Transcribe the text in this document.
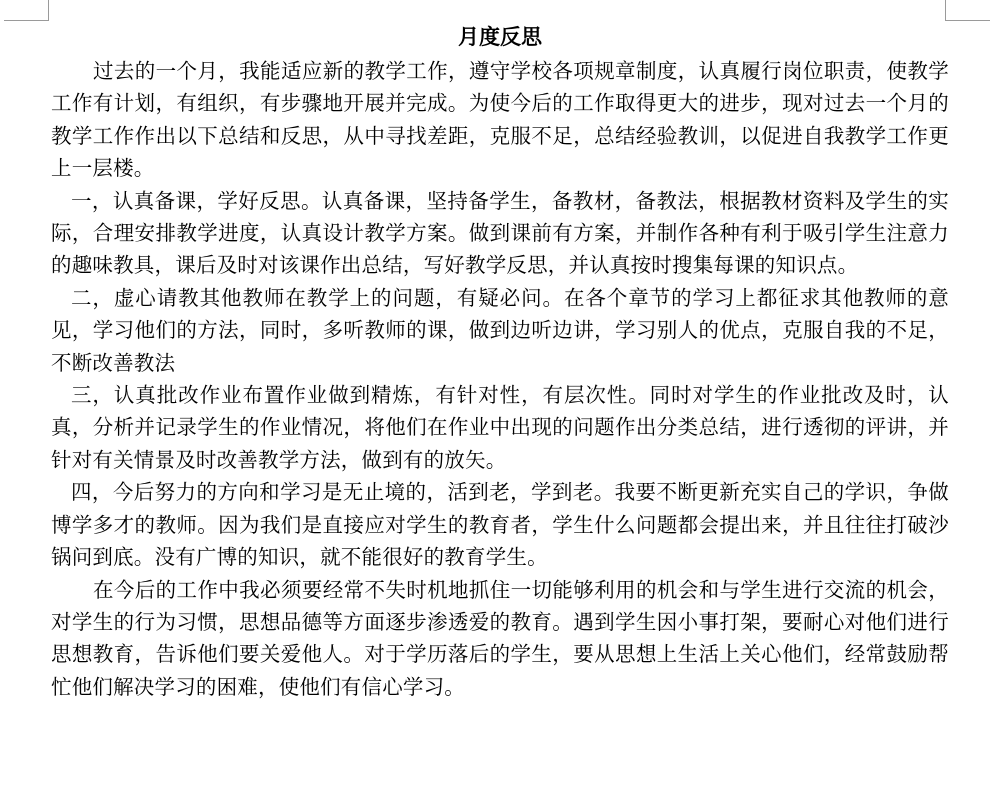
月度反思

过去的一个月，我能适应新的教学工作，遵守学校各项规章制度，认真履行岗位职责，使教学工作有计划，有组织，有步骤地开展并完成。为使今后的工作取得更大的进步，现对过去一个月的教学工作作出以下总结和反思，从中寻找差距，克服不足，总结经验教训，以促进自我教学工作更上一层楼。

一，认真备课，学好反思。认真备课，坚持备学生，备教材，备教法，根据教材资料及学生的实际，合理安排教学进度，认真设计教学方案。做到课前有方案，并制作各种有利于吸引学生注意力的趣味教具，课后及时对该课作出总结，写好教学反思，并认真按时搜集每课的知识点。

二，虚心请教其他教师在教学上的问题，有疑必问。在各个章节的学习上都征求其他教师的意见，学习他们的方法，同时，多听教师的课，做到边听边讲，学习别人的优点，克服自我的不足，不断改善教法

三，认真批改作业布置作业做到精炼，有针对性，有层次性。同时对学生的作业批改及时，认真，分析并记录学生的作业情况，将他们在作业中出现的问题作出分类总结，进行透彻的评讲，并针对有关情景及时改善教学方法，做到有的放矢。

四，今后努力的方向和学习是无止境的，活到老，学到老。我要不断更新充实自己的学识，争做博学多才的教师。因为我们是直接应对学生的教育者，学生什么问题都会提出来，并且往往打破沙锅问到底。没有广博的知识，就不能很好的教育学生。

在今后的工作中我必须要经常不失时机地抓住一切能够利用的机会和与学生进行交流的机会，对学生的行为习惯，思想品德等方面逐步渗透爱的教育。遇到学生因小事打架，要耐心对他们进行思想教育，告诉他们要关爱他人。对于学历落后的学生，要从思想上生活上关心他们，经常鼓励帮忙他们解决学习的困难，使他们有信心学习。
